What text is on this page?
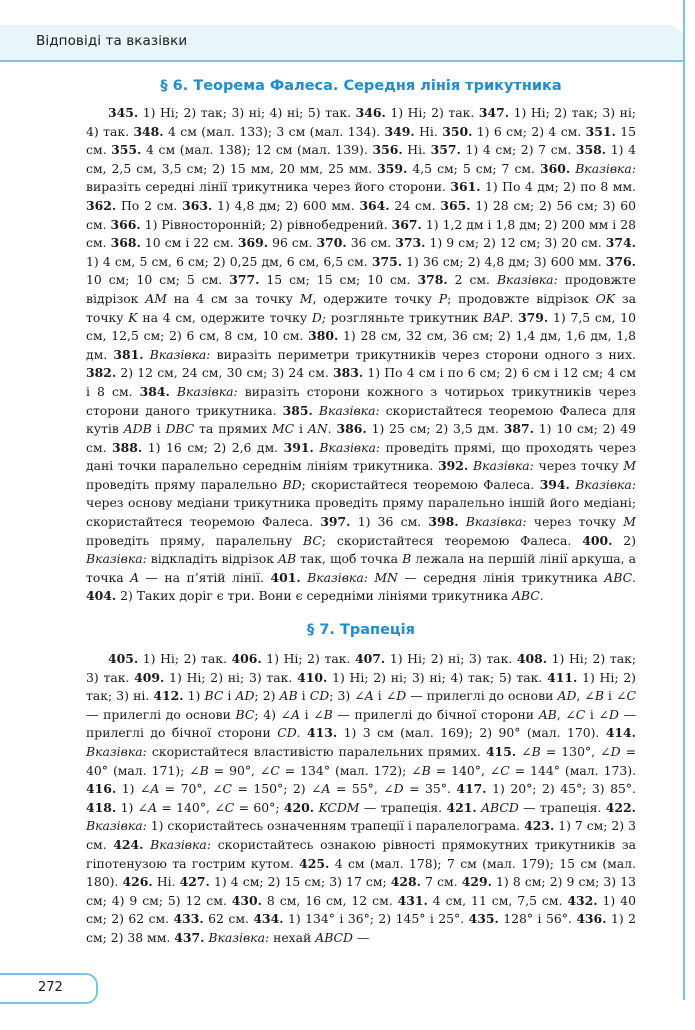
Відповіді та вказівки
§ 6. Теорема Фалеса. Середня лінія трикутника

345. 1) Ні; 2) так; 3) ні; 4) ні; 5) так. 346. 1) Ні; 2) так. 347. 1) Ні; 2) так; 3) ні; 4) так. 348. 4 см (мал. 133); 3 см (мал. 134). 349. Ні. 350. 1) 6 см; 2) 4 см. 351. 15 см. 355. 4 см (мал. 138); 12 см (мал. 139). 356. Ні. 357. 1) 4 см; 2) 7 см. 358. 1) 4 см, 2,5 см, 3,5 см; 2) 15 мм, 20 мм, 25 мм. 359. 4,5 см; 5 см; 7 см. 360. Вказівка: виразіть середні лінії трикутника через його сторони. 361. 1) По 4 дм; 2) по 8 мм. 362. По 2 см. 363. 1) 4,8 дм; 2) 600 мм. 364. 24 см. 365. 1) 28 см; 2) 56 см; 3) 60 см. 366. 1) Рівносторонній; 2) рівнобедрений. 367. 1) 1,2 дм і 1,8 дм; 2) 200 мм і 28 см. 368. 10 см і 22 см. 369. 96 см. 370. 36 см. 373. 1) 9 см; 2) 12 см; 3) 20 см. 374. 1) 4 см, 5 см, 6 см; 2) 0,25 дм, 6 см, 6,5 см. 375. 1) 36 см; 2) 4,8 дм; 3) 600 мм. 376. 10 см; 10 см; 5 см. 377. 15 см; 15 см; 10 см. 378. 2 см. Вказівка: продовжте відрізок AM на 4 см за точку M, одержите точку P; продовжте відрізок OK за точку K на 4 см, одержите точку D; розгляньте трикутник BAP. 379. 1) 7,5 см, 10 см, 12,5 см; 2) 6 см, 8 см, 10 см. 380. 1) 28 см, 32 см, 36 см; 2) 1,4 дм, 1,6 дм, 1,8 дм. 381. Вказівка: виразіть периметри трикутників через сторони одного з них. 382. 2) 12 см, 24 см, 30 см; 3) 24 см. 383. 1) По 4 см і по 6 см; 2) 6 см і 12 см; 4 см і 8 см. 384. Вказівка: виразіть сторони кожного з чотирьох трикутників через сторони даного трикутника. 385. Вказівка: скористайтеся теоремою Фалеса для кутів ADB і DBC та прямих MC і AN. 386. 1) 25 см; 2) 3,5 дм. 387. 1) 10 см; 2) 49 см. 388. 1) 16 см; 2) 2,6 дм. 391. Вказівка: проведіть прямі, що проходять через дані точки паралельно середнім лініям трикутника. 392. Вказівка: через точку M проведіть пряму паралельно BD; скористайтеся теоремою Фалеса. 394. Вказівка: через основу медіани трикутника проведіть пряму паралельно іншій його медіані; скористайтеся теоремою Фалеса. 397. 1) 36 см. 398. Вказівка: через точку M проведіть пряму, паралельну BC; скористайтеся теоремою Фалеса. 400. 2) Вказівка: відкладіть відрізок AB так, щоб точка B лежала на першій лінії аркуша, а точка A — на п’ятій лінії. 401. Вказівка: MN — середня лінія трикутника ABC. 404. 2) Таких доріг є три. Вони є середніми лініями трикутника ABC.

§ 7. Трапеція

405. 1) Ні; 2) так. 406. 1) Ні; 2) так. 407. 1) Ні; 2) ні; 3) так. 408. 1) Ні; 2) так; 3) так. 409. 1) Ні; 2) ні; 3) так. 410. 1) Ні; 2) ні; 3) ні; 4) так; 5) так. 411. 1) Ні; 2) так; 3) ні. 412. 1) BC і AD; 2) AB і CD; 3) ∠A і ∠D — прилеглі до основи AD, ∠B і ∠C — прилеглі до основи BC; 4) ∠A і ∠B — прилеглі до бічної сторони AB, ∠C і ∠D — прилеглі до бічної сторони CD. 413. 1) 3 см (мал. 169); 2) 90° (мал. 170). 414. Вказівка: скористайтеся властивістю паралельних прямих. 415. ∠B = 130°, ∠D = 40° (мал. 171); ∠B = 90°, ∠C = 134° (мал. 172); ∠B = 140°, ∠C = 144° (мал. 173). 416. 1) ∠A = 70°, ∠C = 150°; 2) ∠A = 55°, ∠D = 35°. 417. 1) 20°; 2) 45°; 3) 85°. 418. 1) ∠A = 140°, ∠C = 60°; 420. KCDM — трапеція. 421. ABCD — трапеція. 422. Вказівка: 1) скористайтесь означенням трапеції і паралелограма. 423. 1) 7 см; 2) 3 см. 424. Вказівка: скористайтесь ознакою рівності прямокутних трикутників за гіпотенузою та гострим кутом. 425. 4 см (мал. 178); 7 см (мал. 179); 15 см (мал. 180). 426. Ні. 427. 1) 4 см; 2) 15 см; 3) 17 см; 428. 7 см. 429. 1) 8 см; 2) 9 см; 3) 13 см; 4) 9 см; 5) 12 см. 430. 8 см, 16 см, 12 см. 431. 4 см, 11 см, 7,5 см. 432. 1) 40 см; 2) 62 см. 433. 62 см. 434. 1) 134° і 36°; 2) 145° і 25°. 435. 128° і 56°. 436. 1) 2 см; 2) 38 мм. 437. Вказівка: нехай ABCD —

272
